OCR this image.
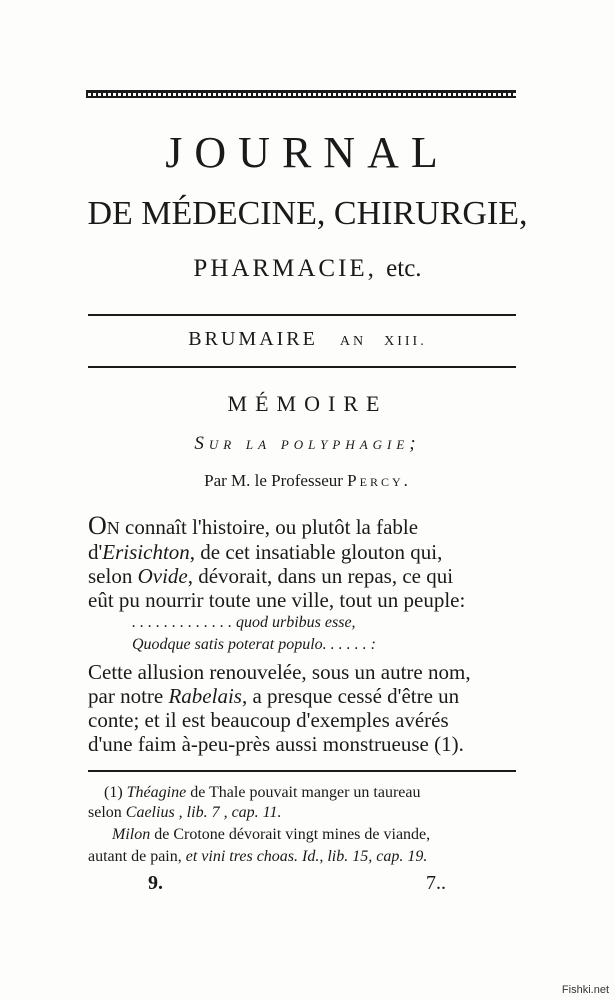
JOURNAL
DE MÉDECINE, CHIRURGIE,
PHARMACIE, etc.
BRUMAIRE AN XIII.
MÉMOIRE
Sur la polyphagie;
Par M. le Professeur Percy.
On connaît l'histoire, ou plutôt la fable
d'Erisichton, de cet insatiable glouton qui,
selon Ovide, dévorait, dans un repas, ce qui
eût pu nourrir toute une ville, tout un peuple:
. . . . . . . . . . . . . quod urbibus esse,
Quodque satis poterat populo. . . . . . :
Cette allusion renouvelée, sous un autre nom,
par notre Rabelais, a presque cessé d'être un
conte; et il est beaucoup d'exemples avérés
d'une faim à-peu-près aussi monstrueuse (1).
(1) Théagine de Thale pouvait manger un taureau
selon Caelius , lib. 7 , cap. 11.
Milon de Crotone dévorait vingt mines de viande,
autant de pain, et vini tres choas. Id., lib. 15, cap. 19.
9.	7..
Fishki.net
